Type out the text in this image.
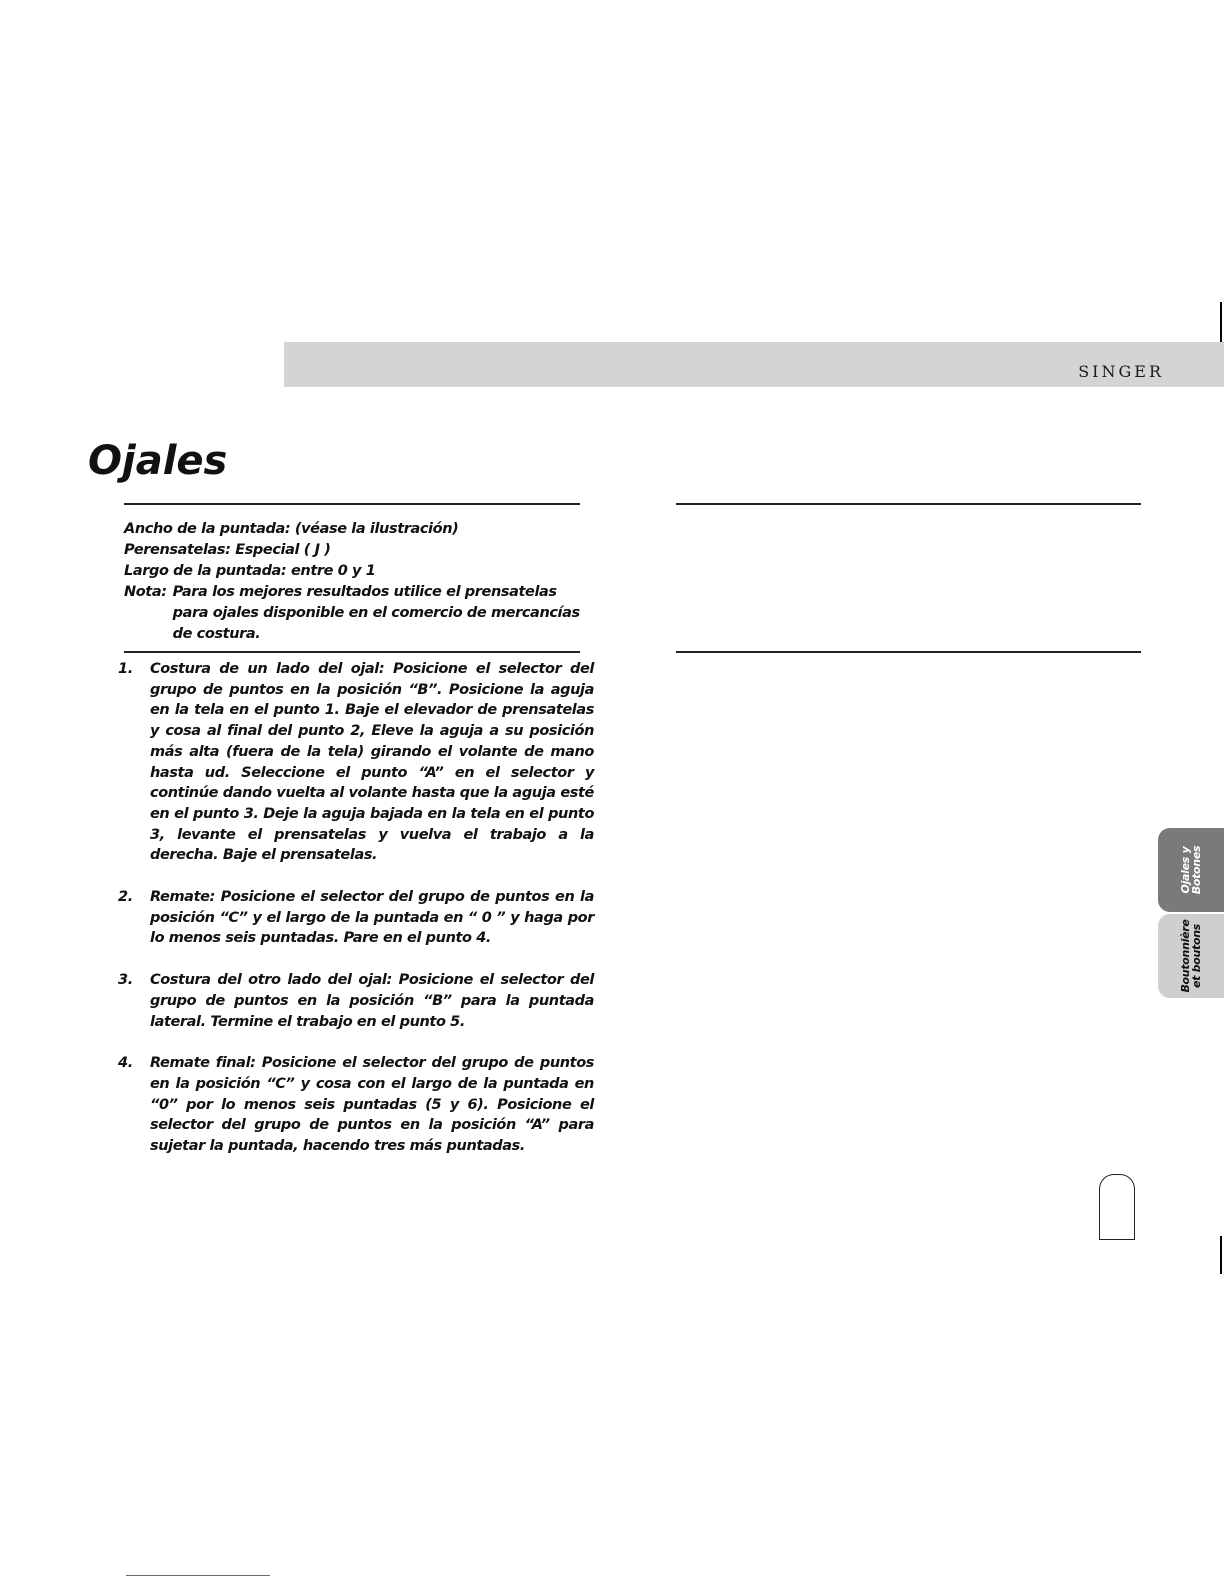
SINGER
Ojales
Ancho de la puntada: (véase la ilustración)
Perensatelas: Especial ( J )
Largo de la puntada: entre 0 y 1
Nota: Para los mejores resultados utilice el prensatelas para ojales disponible en el comercio de mercancías de costura.
1.	Costura de un lado del ojal: Posicione el selector del grupo de puntos en la posición “B”. Posicione la aguja en la tela en el punto 1. Baje el elevador de prensatelas y cosa al final del punto 2, Eleve la aguja a su posición más alta (fuera de la tela) girando el volante de mano hasta ud. Seleccione el punto “A” en el selector y continúe dando vuelta al volante hasta que la aguja esté en el punto 3. Deje la aguja bajada en la tela en el punto 3, levante el prensatelas y vuelva el trabajo a la derecha. Baje el prensatelas.
2.	Remate: Posicione el selector del grupo de puntos en la posición “C” y el largo de la puntada en “ 0 ” y haga por lo menos seis puntadas. Pare en el punto 4.
3.	Costura del otro lado del ojal: Posicione el selector del grupo de puntos en la posición “B” para la puntada lateral. Termine el trabajo en el punto 5.
4.	Remate final: Posicione el selector del grupo de puntos en la posición “C” y cosa con el largo de la puntada en “0” por lo menos seis puntadas (5 y 6). Posicione el selector del grupo de puntos en la posición “A” para sujetar la puntada, hacendo tres más puntadas.
Ojales y
Botones
Boutonnière
et boutons
